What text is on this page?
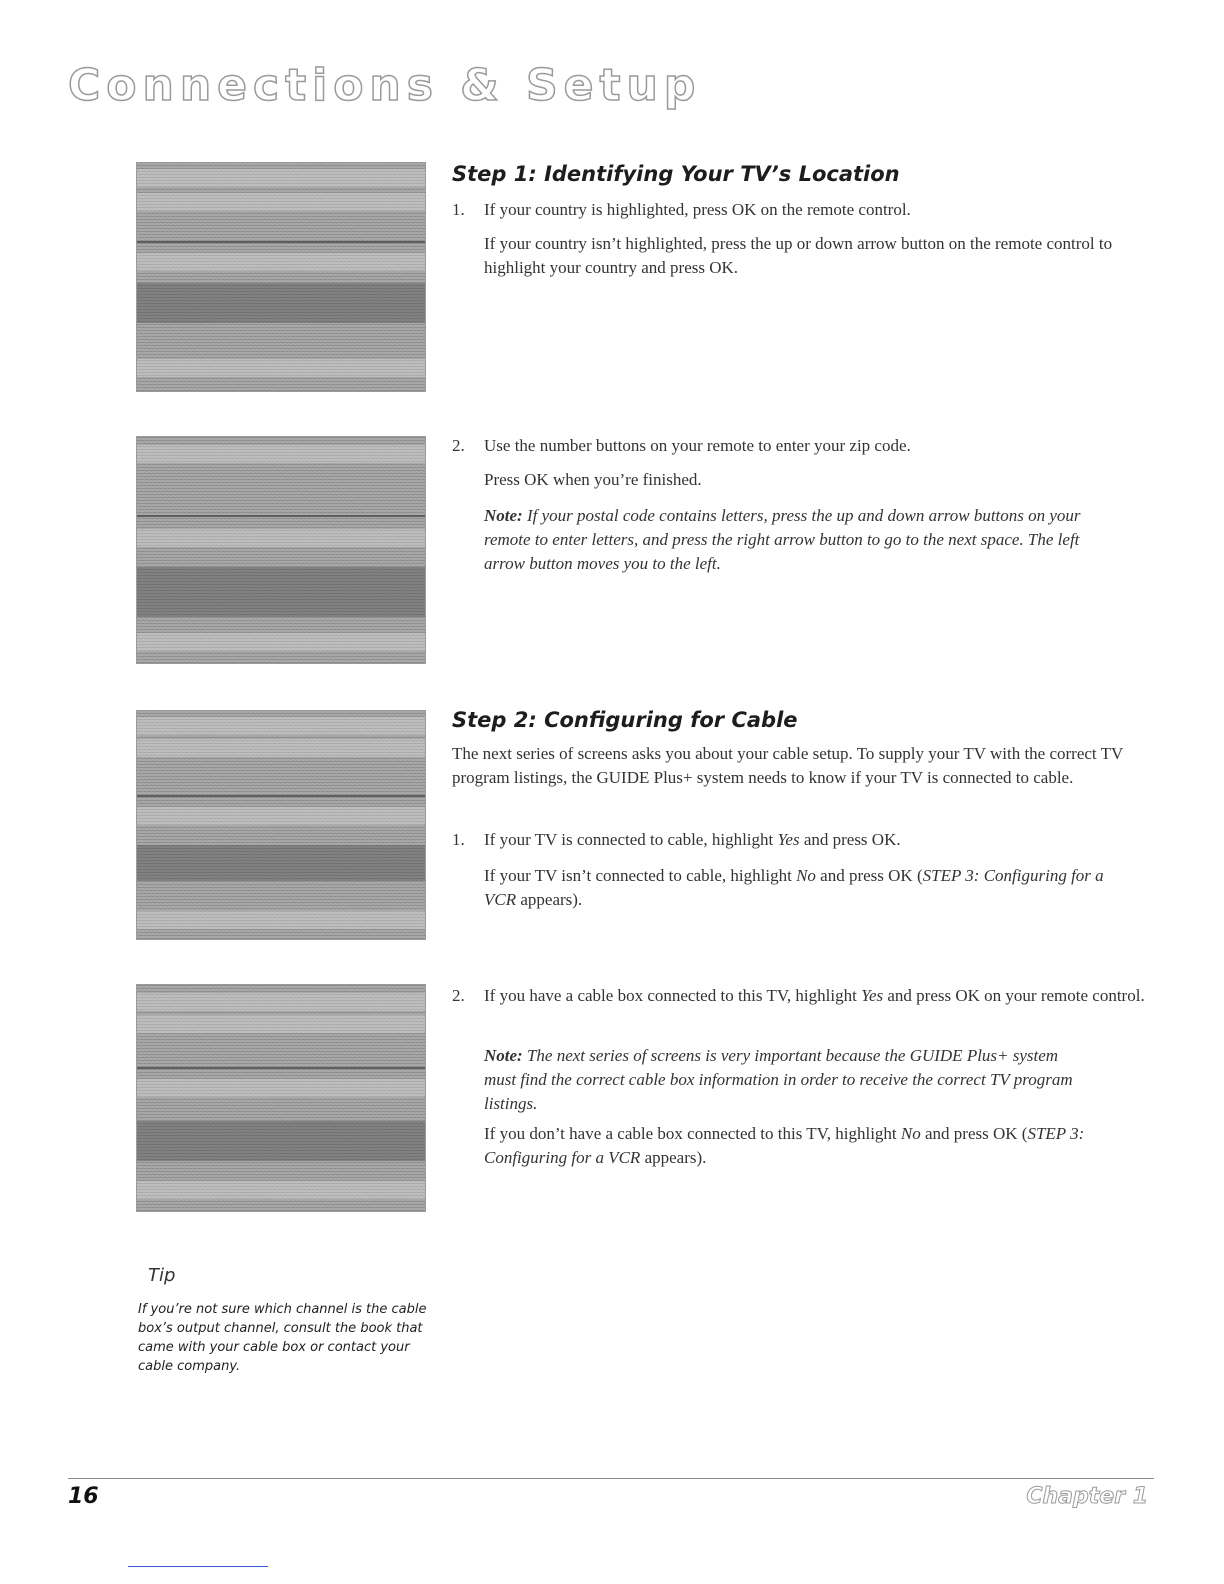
Connections & Setup
Step 1: Identifying Your TV’s Location
1. If your country is highlighted, press OK on the remote control.
If your country isn’t highlighted, press the up or down arrow button on the remote control to highlight your country and press OK.
2. Use the number buttons on your remote to enter your zip code.
Press OK when you’re finished.
Note: If your postal code contains letters, press the up and down arrow buttons on your remote to enter letters, and press the right arrow button to go to the next space. The left arrow button moves you to the left.
Step 2: Configuring for Cable
The next series of screens asks you about your cable setup. To supply your TV with the correct TV program listings, the GUIDE Plus+ system needs to know if your TV is connected to cable.
1. If your TV is connected to cable, highlight Yes and press OK.
If your TV isn’t connected to cable, highlight No and press OK (STEP 3: Configuring for a VCR appears).
2. If you have a cable box connected to this TV, highlight Yes and press OK on your remote control.
Note: The next series of screens is very important because the GUIDE Plus+ system must find the correct cable box information in order to receive the correct TV program listings.
If you don’t have a cable box connected to this TV, highlight No and press OK (STEP 3: Configuring for a VCR appears).
Tip
If you’re not sure which channel is the cable box’s output channel, consult the book that came with your cable box or contact your cable company.
16	Chapter 1
